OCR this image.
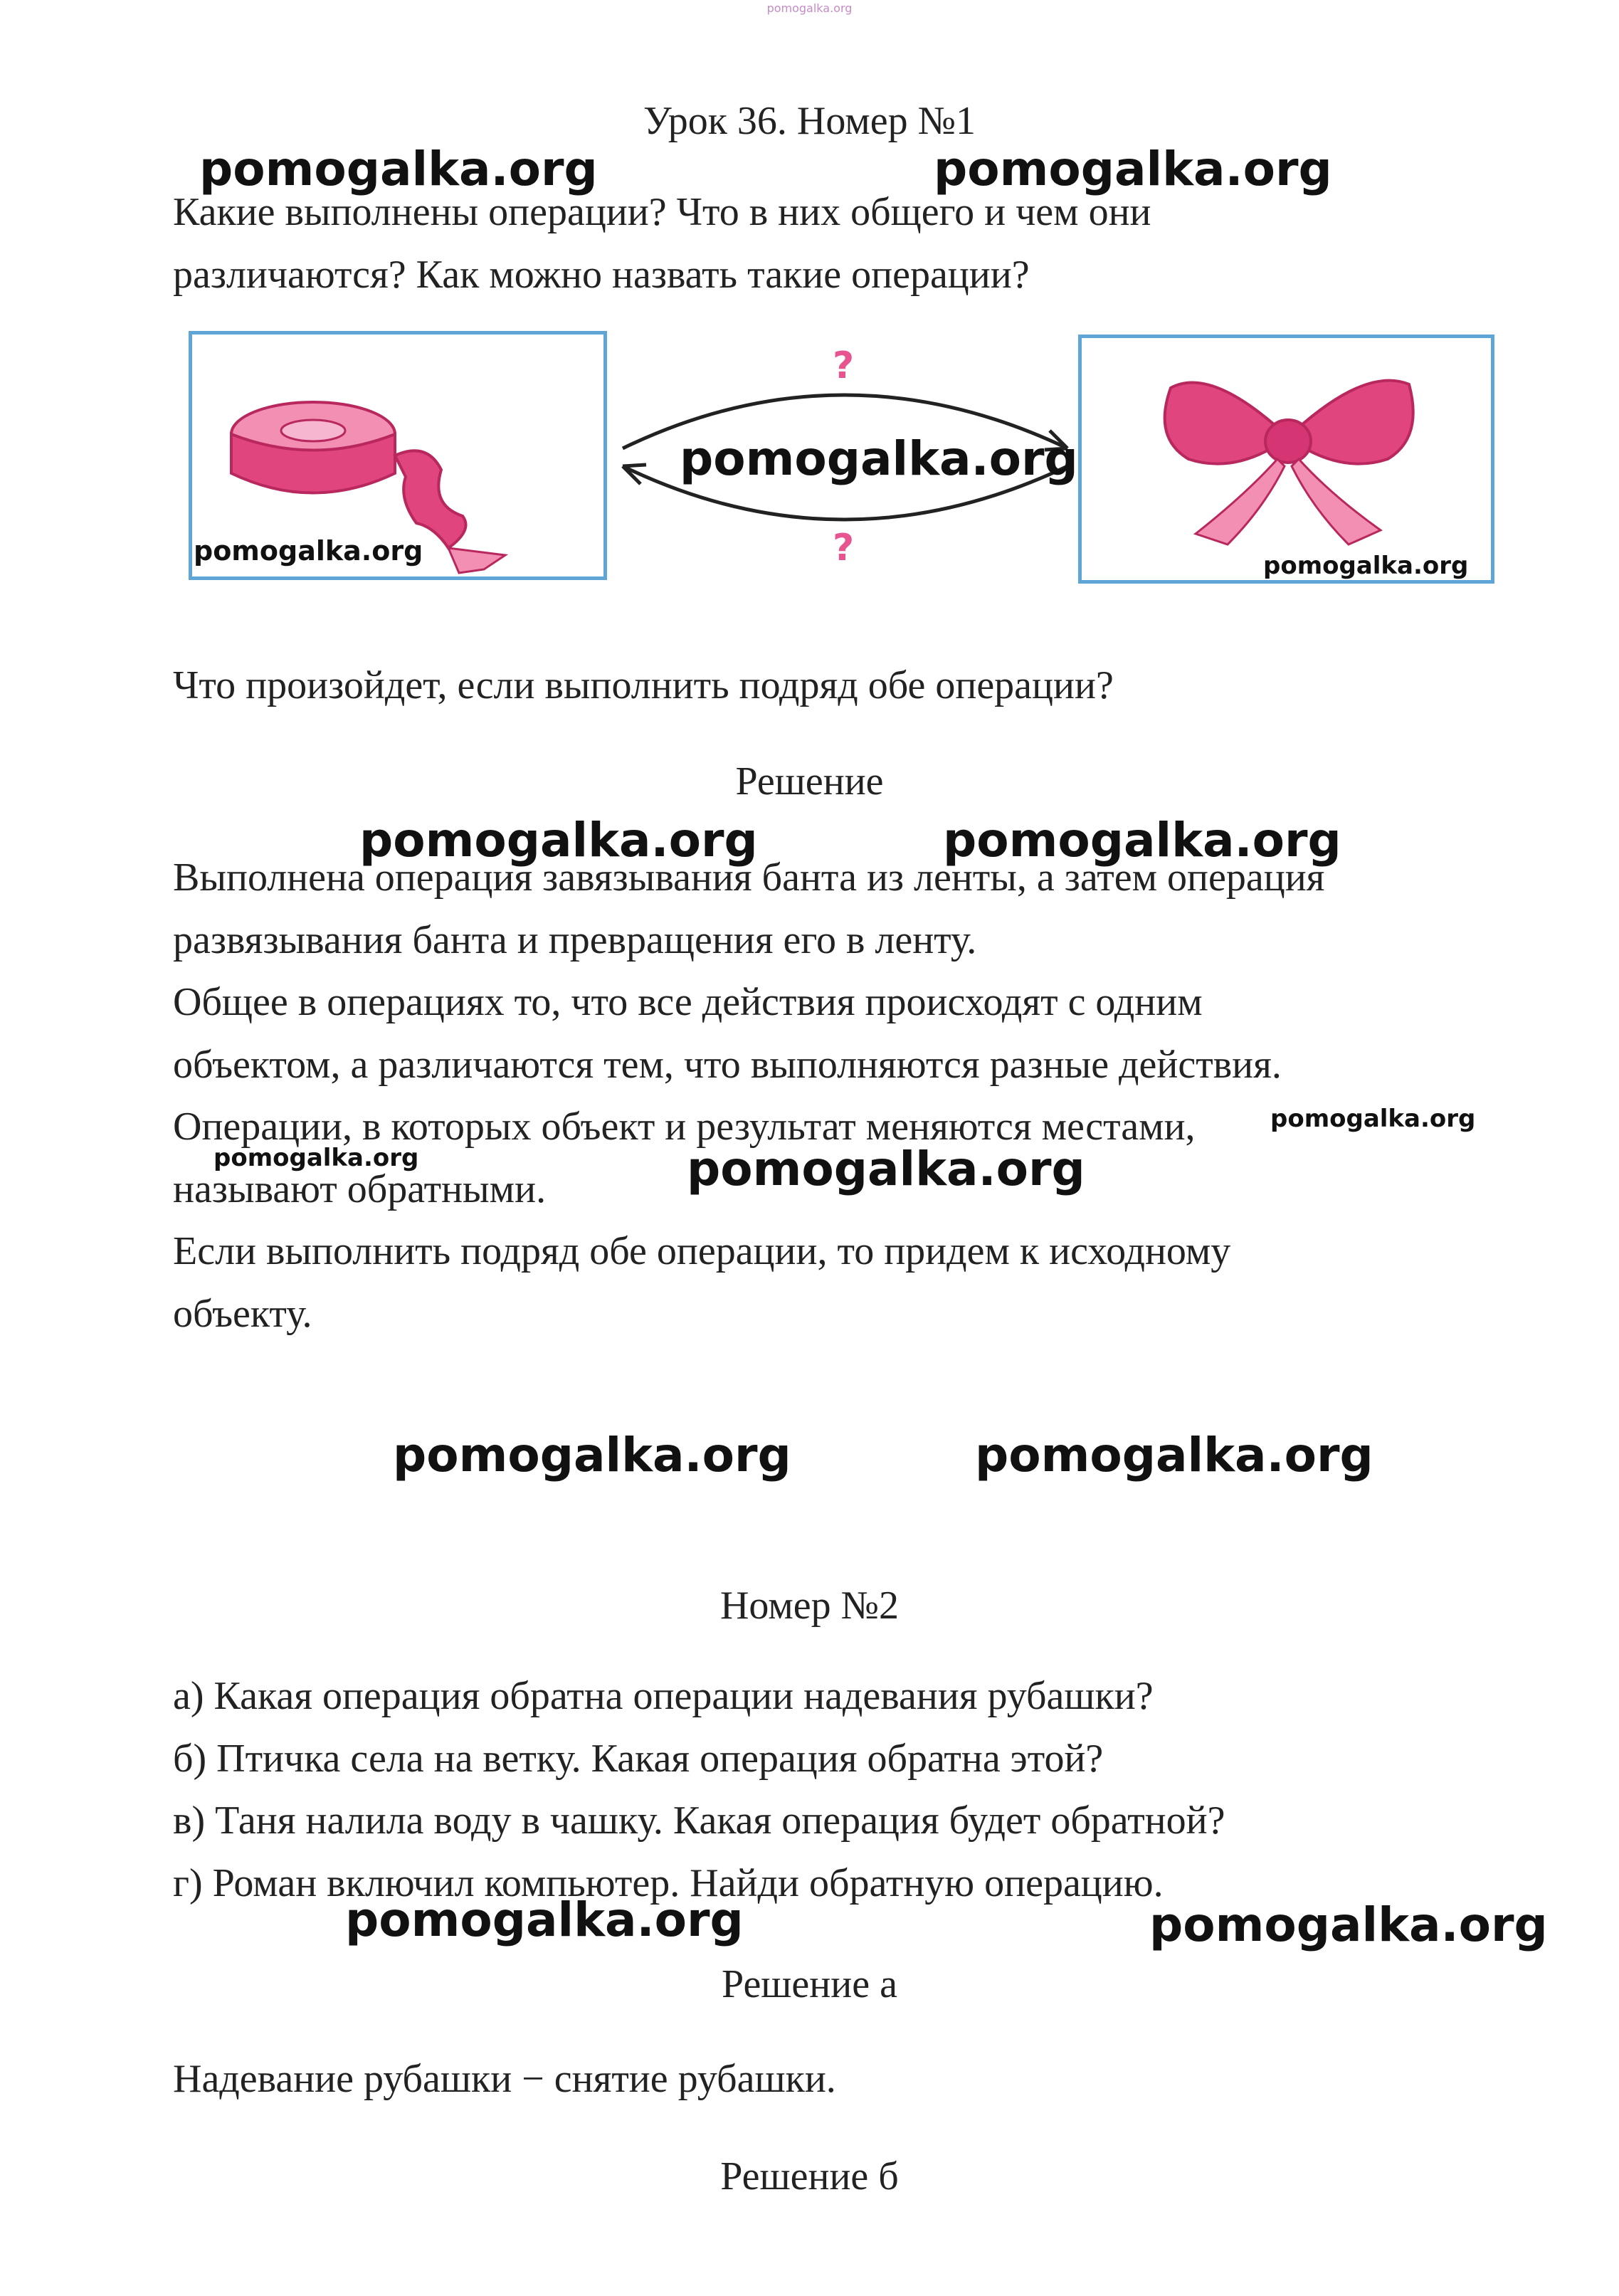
pomogalka.org
Урок 36. Номер №1
Какие выполнены операции? Что в них общего и чем они
различаются? Как можно назвать такие операции?
?
?
Что произойдет, если выполнить подряд обе операции?
Решение
Выполнена операция завязывания банта из ленты, а затем операция
развязывания банта и превращения его в ленту.
Общее в операциях то, что все действия происходят с одним
объектом, а различаются тем, что выполняются разные действия.
Операции, в которых объект и результат меняются местами,
называют обратными.
Если выполнить подряд обе операции, то придем к исходному
объекту.
Номер №2
а) Какая операция обратна операции надевания рубашки?
б) Птичка села на ветку. Какая операция обратна этой?
в) Таня налила воду в чашку. Какая операция будет обратной?
г) Роман включил компьютер. Найди обратную операцию.
Решение а
Надевание рубашки − снятие рубашки.
Решение б
pomogalka.org	pomogalka.org
pomogalka.org
pomogalka.org	pomogalka.org
pomogalka.org	pomogalka.org
pomogalka.org
pomogalka.org	pomogalka.org
pomogalka.org	pomogalka.org
pomogalka.org	pomogalka.org
